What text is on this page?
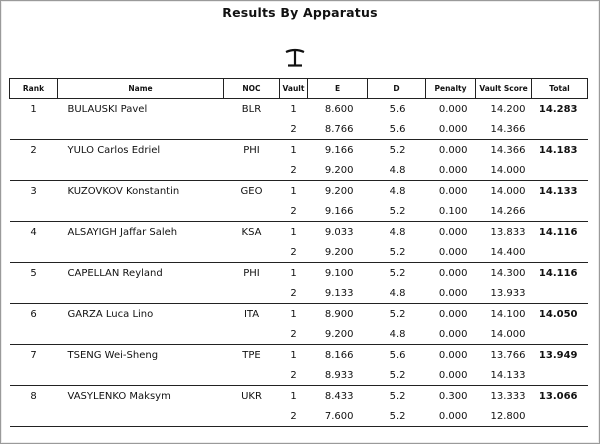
Results By Apparatus
Rank	Name	NOC	Vault	E	D	Penalty	Vault Score	Total
1	BULAUSKI Pavel	BLR	1	8.600	5.6	0.000	14.200	14.283
			2	8.766	5.6	0.000	14.366	
2	YULO Carlos Edriel	PHI	1	9.166	5.2	0.000	14.366	14.183
			2	9.200	4.8	0.000	14.000	
3	KUZOVKOV Konstantin	GEO	1	9.200	4.8	0.000	14.000	14.133
			2	9.166	5.2	0.100	14.266	
4	ALSAYIGH Jaffar Saleh	KSA	1	9.033	4.8	0.000	13.833	14.116
			2	9.200	5.2	0.000	14.400	
5	CAPELLAN Reyland	PHI	1	9.100	5.2	0.000	14.300	14.116
			2	9.133	4.8	0.000	13.933	
6	GARZA Luca Lino	ITA	1	8.900	5.2	0.000	14.100	14.050
			2	9.200	4.8	0.000	14.000	
7	TSENG Wei-Sheng	TPE	1	8.166	5.6	0.000	13.766	13.949
			2	8.933	5.2	0.000	14.133	
8	VASYLENKO Maksym	UKR	1	8.433	5.2	0.300	13.333	13.066
			2	7.600	5.2	0.000	12.800	
